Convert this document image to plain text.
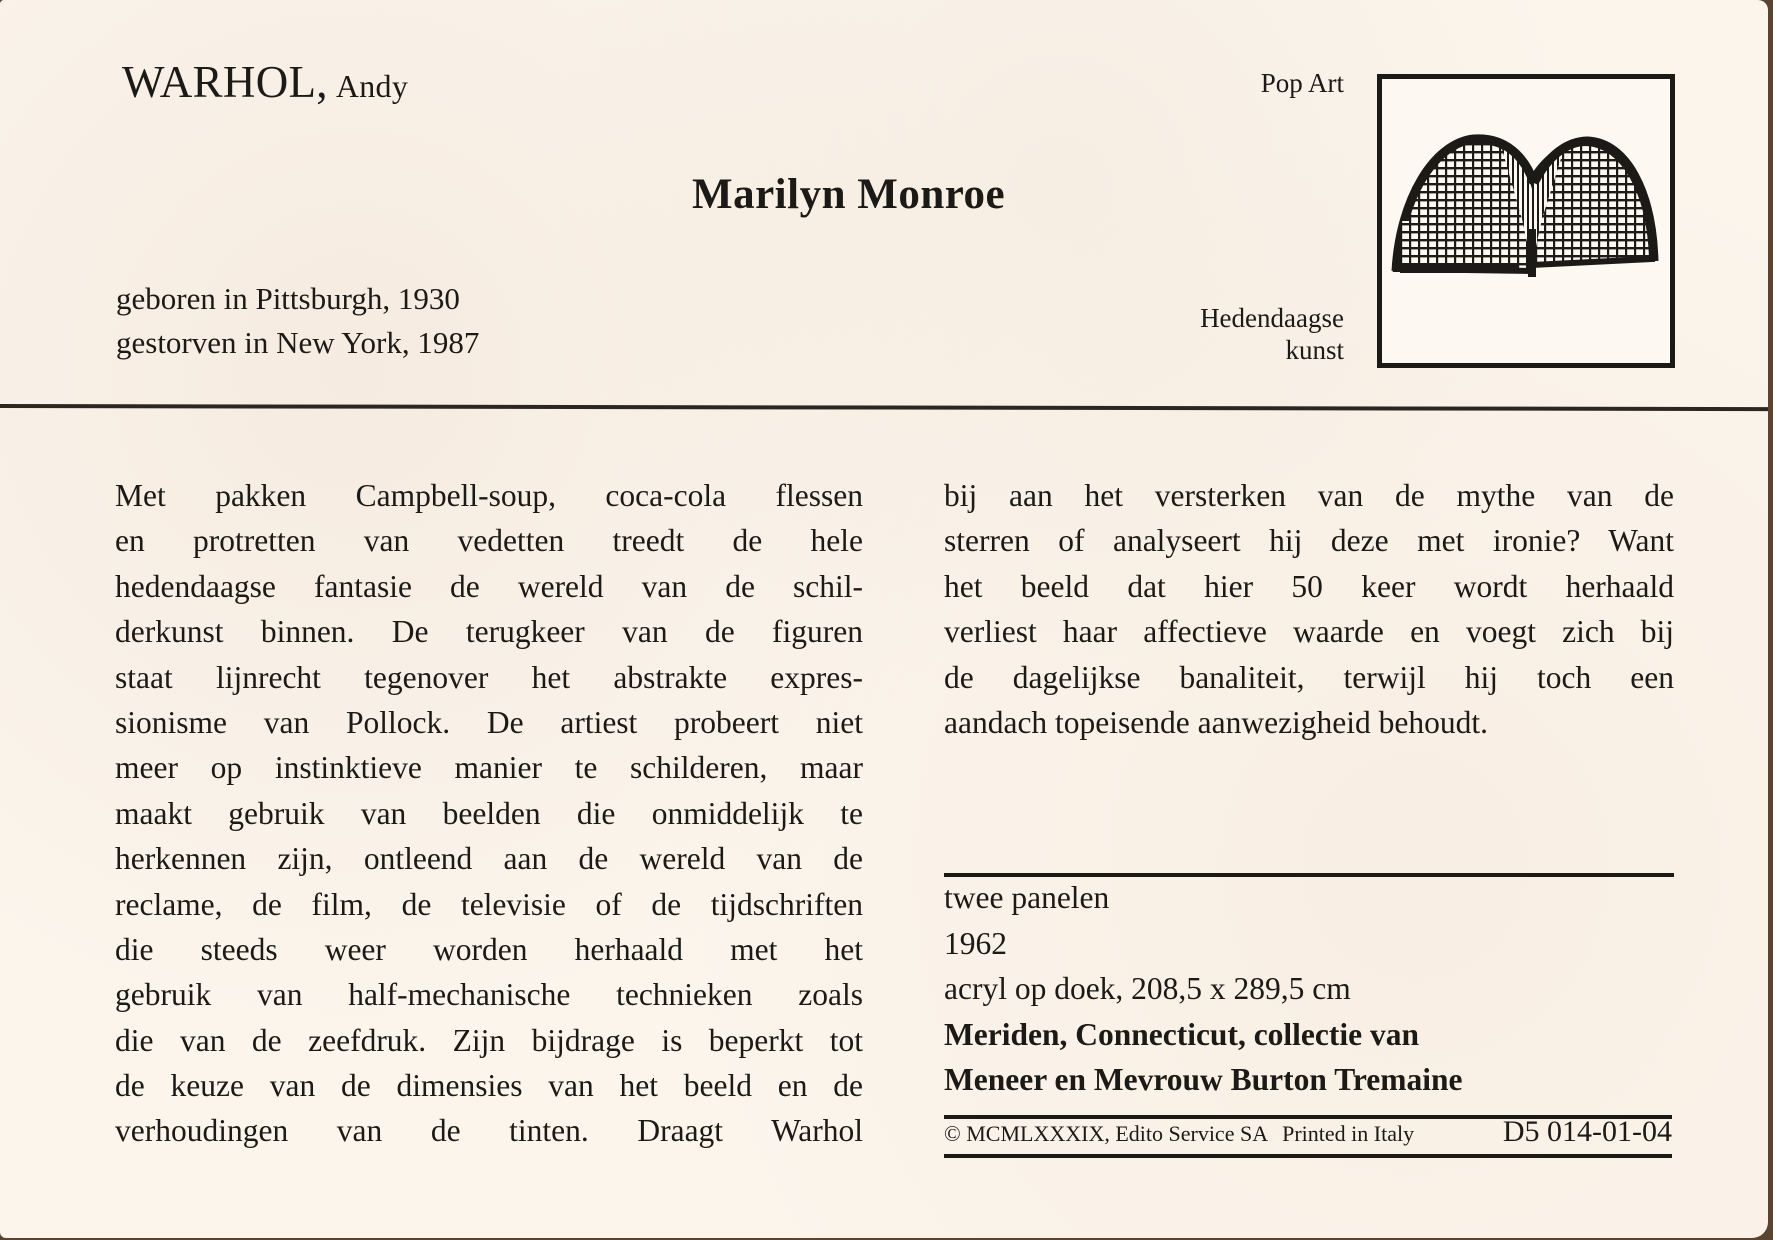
WARHOL, Andy
Marilyn Monroe
geboren in Pittsburgh, 1930
gestorven in New York, 1987
Pop Art
Hedendaagse
kunst
Met pakken Campbell-soup, coca-cola flessen
en protretten van vedetten treedt de hele
hedendaagse fantasie de wereld van de schil-
derkunst binnen. De terugkeer van de figuren
staat lijnrecht tegenover het abstrakte expres-
sionisme van Pollock. De artiest probeert niet
meer op instinktieve manier te schilderen, maar
maakt gebruik van beelden die onmiddelijk te
herkennen zijn, ontleend aan de wereld van de
reclame, de film, de televisie of de tijdschriften
die steeds weer worden herhaald met het
gebruik van half-mechanische technieken zoals
die van de zeefdruk. Zijn bijdrage is beperkt tot
de keuze van de dimensies van het beeld en de
verhoudingen van de tinten. Draagt Warhol
bij aan het versterken van de mythe van de
sterren of analyseert hij deze met ironie? Want
het beeld dat hier 50 keer wordt herhaald
verliest haar affectieve waarde en voegt zich bij
de dagelijkse banaliteit, terwijl hij toch een
aandach topeisende aanwezigheid behoudt.
twee panelen
1962
acryl op doek, 208,5 x 289,5 cm
Meriden, Connecticut, collectie van
Meneer en Mevrouw Burton Tremaine
© MCMLXXXIX, Edito Service SA Printed in Italy	D5 014-01-04
